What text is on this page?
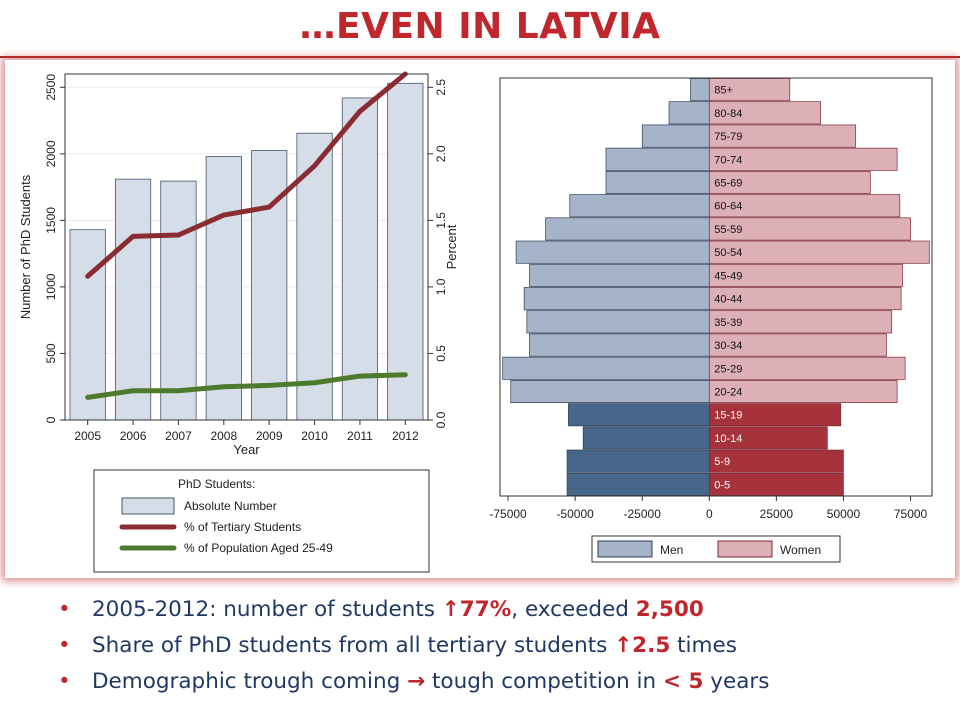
…EVEN IN LATVIA
0
500
1000
1500
2000
2500
0.0
0.5
1.0
1.5
2.0
2.5
2005 2006 2007 2008 2009 2010 2011 2012
Year
Number of PhD Students	Percent
PhD Students:
Absolute Number
% of Tertiary Students
% of Population Aged 25-49
85+
80-84
75-79
70-74
65-69
60-64
55-59
50-54
45-49
40-44
35-39
30-34
25-29
20-24
15-19
10-14
5-9
0-5
-75000 -50000 -25000	0	25000	50000	75000
Men	Women
• 2005-2012: number of students ↑77%, exceeded 2,500
• Share of PhD students from all tertiary students ↑2.5 times
• Demographic trough coming → tough competition in < 5 years
